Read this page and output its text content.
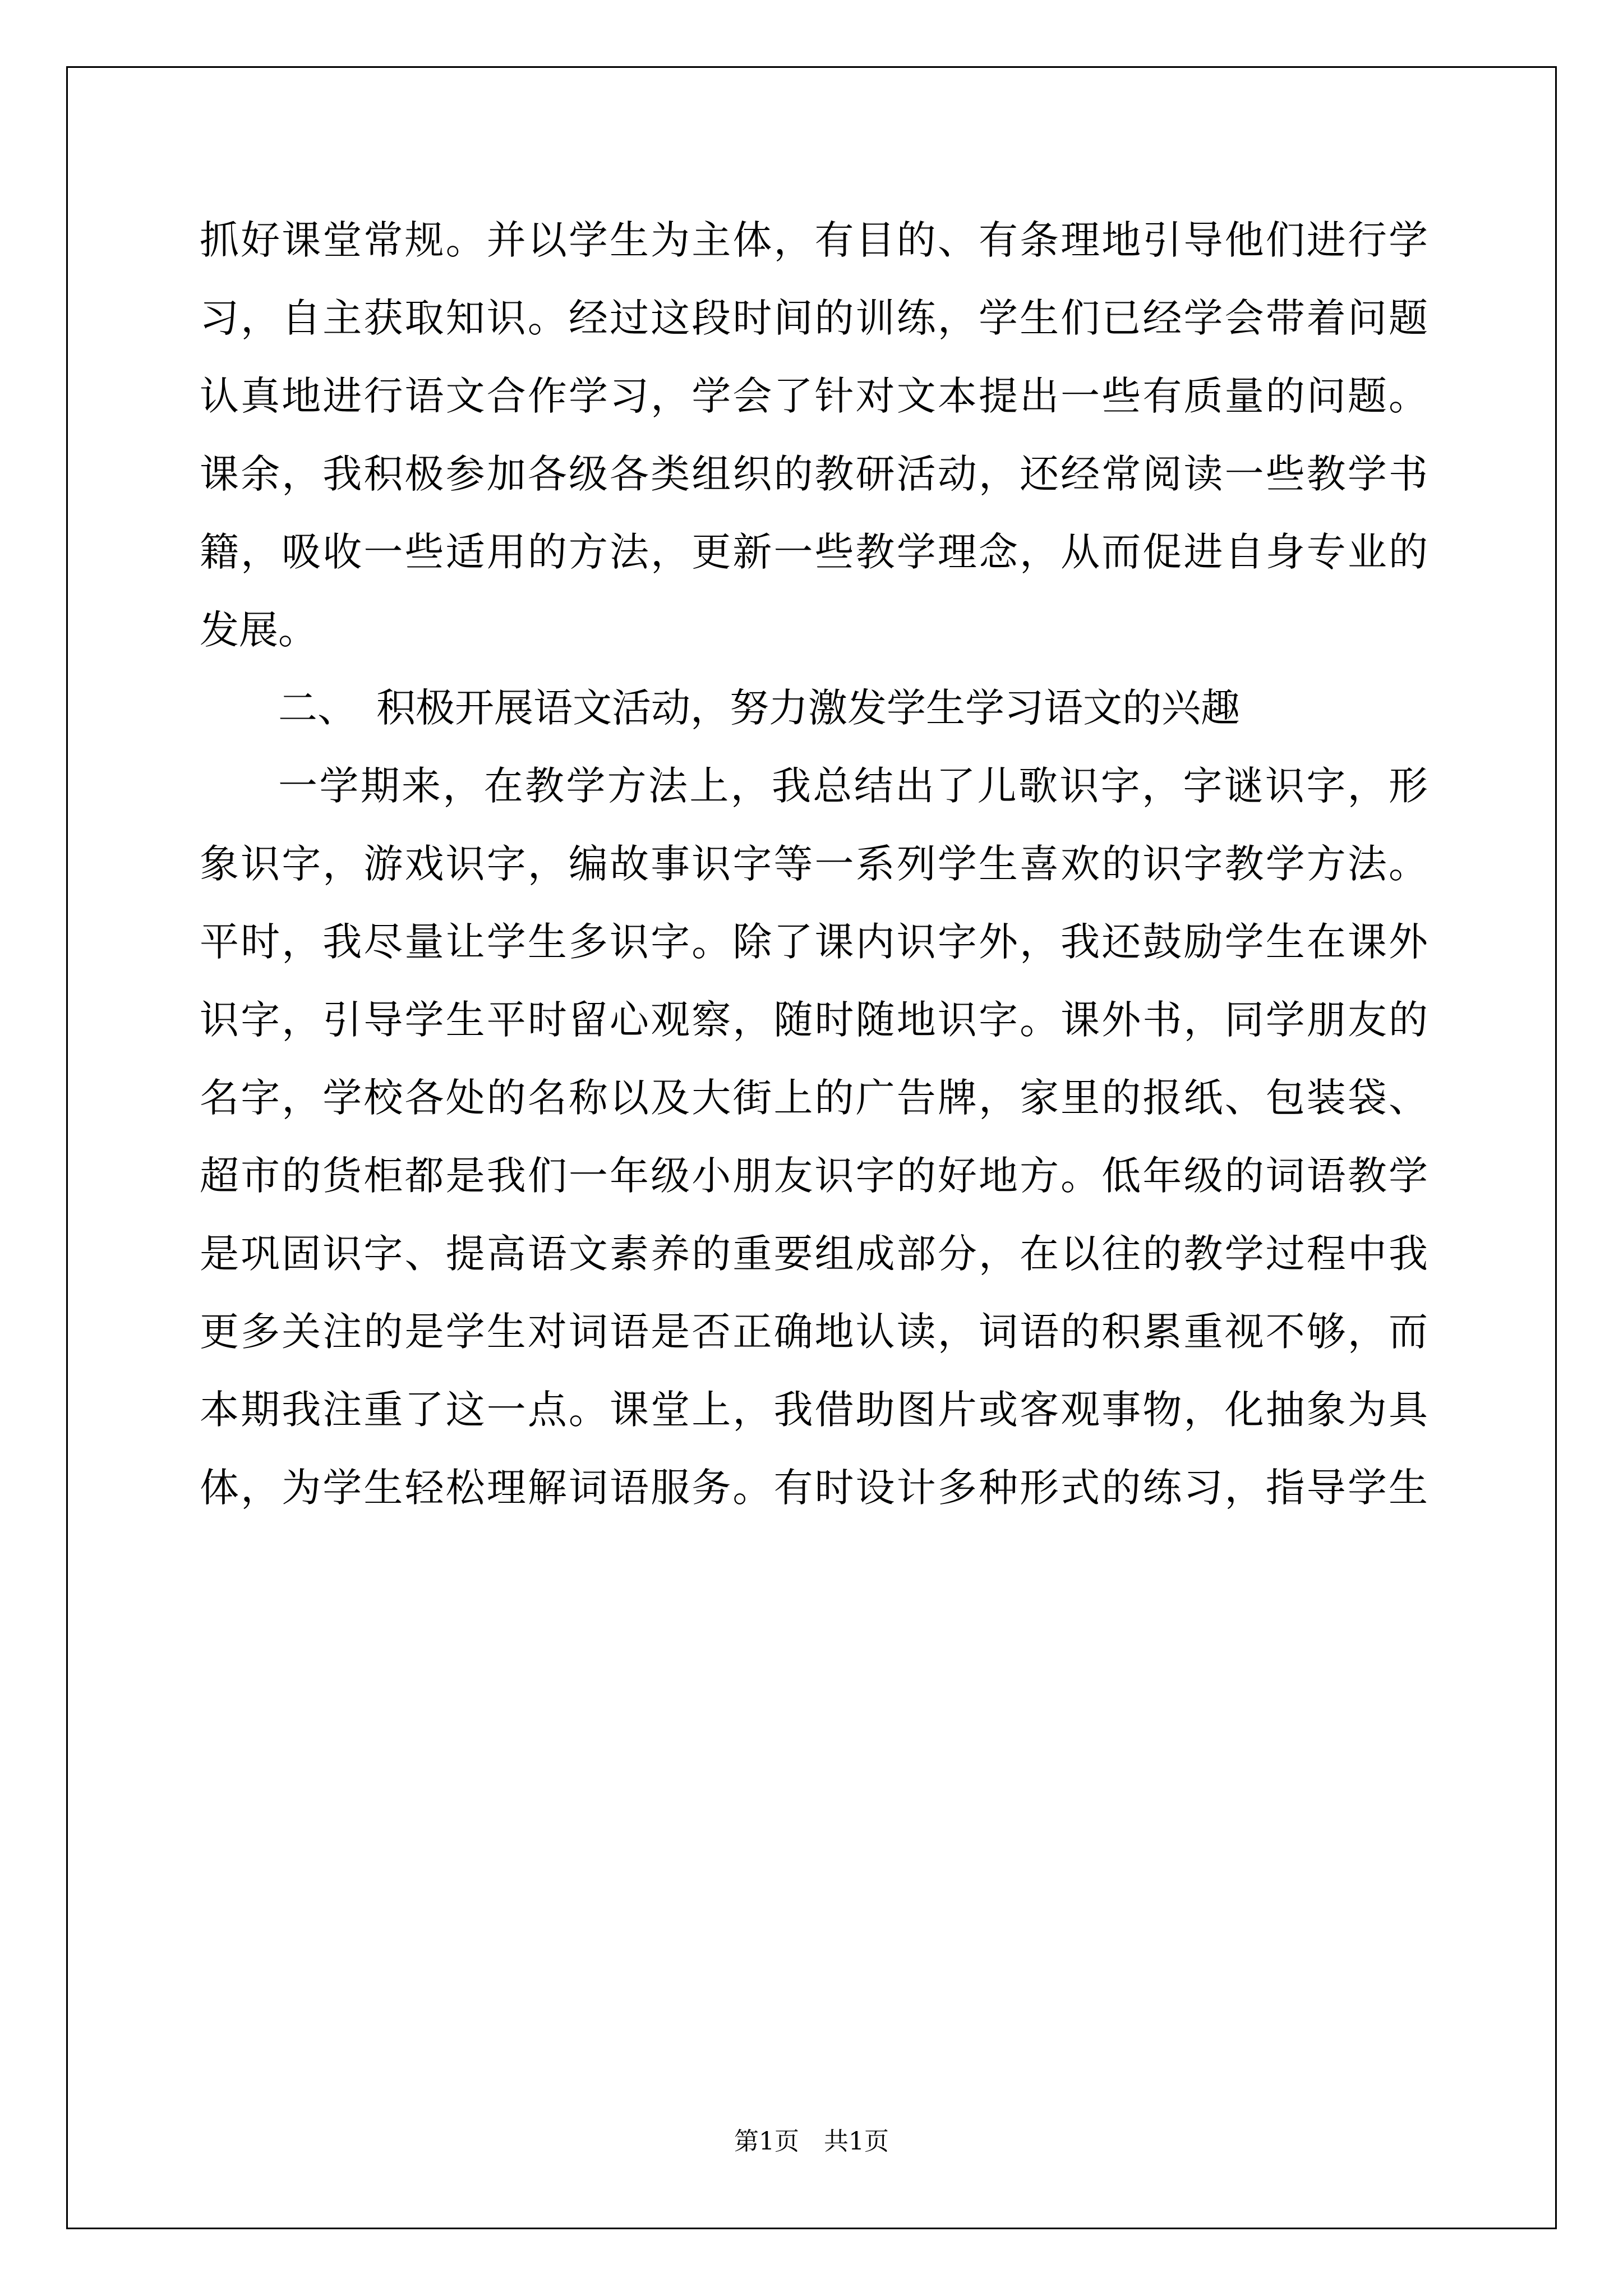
抓好课堂常规。并以学生为主体，有目的、有条理地引导他们进行学
习，自主获取知识。经过这段时间的训练，学生们已经学会带着问题
认真地进行语文合作学习，学会了针对文本提出一些有质量的问题。
课余，我积极参加各级各类组织的教研活动，还经常阅读一些教学书
籍，吸收一些适用的方法，更新一些教学理念，从而促进自身专业的
发展。
二、　积极开展语文活动，努力激发学生学习语文的兴趣
一学期来，在教学方法上，我总结出了儿歌识字，字谜识字，形
象识字，游戏识字，编故事识字等一系列学生喜欢的识字教学方法。
平时，我尽量让学生多识字。除了课内识字外，我还鼓励学生在课外
识字，引导学生平时留心观察，随时随地识字。课外书，同学朋友的
名字，学校各处的名称以及大街上的广告牌，家里的报纸、包装袋、
超市的货柜都是我们一年级小朋友识字的好地方。低年级的词语教学
是巩固识字、提高语文素养的重要组成部分，在以往的教学过程中我
更多关注的是学生对词语是否正确地认读，词语的积累重视不够，而
本期我注重了这一点。课堂上，我借助图片或客观事物，化抽象为具
体，为学生轻松理解词语服务。有时设计多种形式的练习，指导学生
第1页　共1页
